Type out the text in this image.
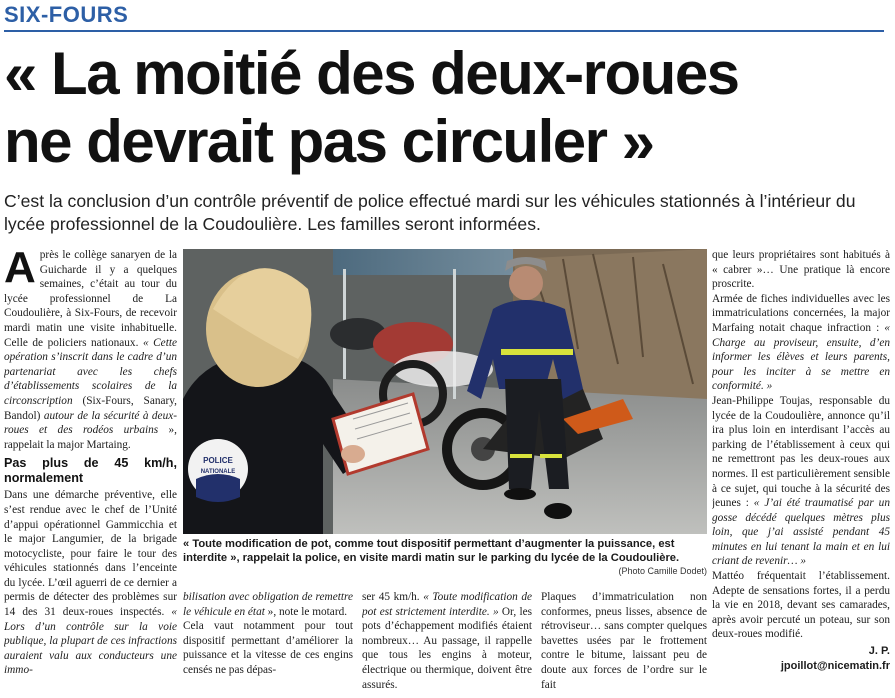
SIX-FOURS
« La moitié des deux-roues
ne devrait pas circuler »

C’est la conclusion d’un contrôle préventif de police effectué mardi sur les véhicules stationnés à l’intérieur du lycée professionnel de la Coudoulière. Les familles seront informées.

Après le collège sanaryen de la Guicharde il y a quelques semaines, c’était au tour du lycée professionnel de La Coudoulière, à Six-Fours, de recevoir mardi matin une visite inhabituelle. Celle de policiers nationaux. « Cette opération s’inscrit dans le cadre d’un partenariat avec les chefs d’établissements scolaires de la circonscription (Six-Fours, Sanary, Bandol) autour de la sécurité à deux-roues et des rodéos urbains », rappelait la major Martaing.

Pas plus de 45 km/h, normalement

Dans une démarche préventive, elle s’est rendue avec le chef de l’Unité d’appui opérationnel Gammicchia et le major Langumier, de la brigade motocycliste, pour faire le tour des véhicules stationnés dans l’enceinte du lycée. L’œil aguerri de ce dernier a permis de détecter des problèmes sur 14 des 31 deux-roues inspectés. « Lors d’un contrôle sur la voie publique, la plupart de ces infractions auraient valu aux conducteurs une immo-

POLICE
NATIONALE

« Toute modification de pot, comme tout dispositif permettant d’augmenter la puissance, est interdite », rappelait la police, en visite mardi matin sur le parking du lycée de la Coudoulière.

(Photo Camille Dodet)

bilisation avec obligation de remettre le véhicule en état », note le motard.

Cela vaut notamment pour tout dispositif permettant d’améliorer la puissance et la vitesse de ces engins censés ne pas dépas-

ser 45 km/h. « Toute modification de pot est strictement interdite. » Or, les pots d’échappement modifiés étaient nombreux… Au passage, il rappelle que tous les engins à moteur, électrique ou thermique, doivent être assurés.

Plaques d’immatriculation non conformes, pneus lisses, absence de rétroviseur… sans compter quelques bavettes usées par le frottement contre le bitume, laissant peu de doute aux forces de l’ordre sur le fait

que leurs propriétaires sont habitués à « cabrer »… Une pratique là encore proscrite.

Armée de fiches individuelles avec les immatriculations concernées, la major Marfaing notait chaque infraction : « Charge au proviseur, ensuite, d’en informer les élèves et leurs parents, pour les inciter à se mettre en conformité. »

Jean-Philippe Toujas, responsable du lycée de la Coudoulière, annonce qu’il ira plus loin en interdisant l’accès au parking de l’établissement à ceux qui ne remettront pas les deux-roues aux normes. Il est particulièrement sensible à ce sujet, qui touche à la sécurité des jeunes : « J’ai été traumatisé par un gosse décédé quelques mètres plus loin, que j’ai assisté pendant 45 minutes en lui tenant la main et en lui criant de revenir… »

Mattéo fréquentait l’établissement. Adepte de sensations fortes, il a perdu la vie en 2018, devant ses camarades, après avoir percuté un poteau, sur son deux-roues modifié.

J. P.
jpoillot@nicematin.fr
